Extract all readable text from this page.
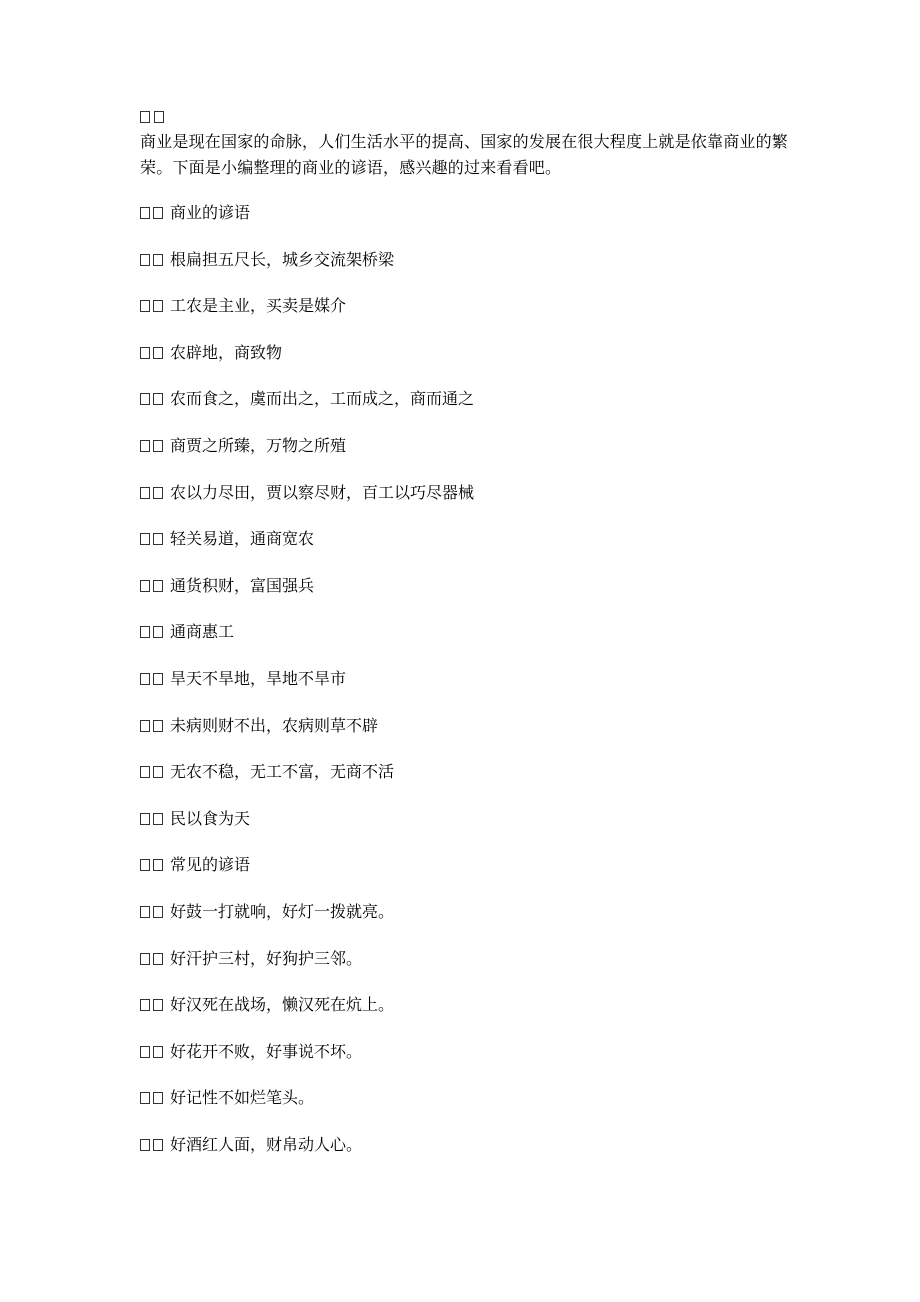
商业是现在国家的命脉，人们生活水平的提高、国家的发展在很大程度上就是依靠商业的繁荣。下面是小编整理的商业的谚语，感兴趣的过来看看吧。

商业的谚语
根扁担五尺长，城乡交流架桥梁
工农是主业，买卖是媒介
农辟地，商致物
农而食之，虞而出之，工而成之，商而通之
商贾之所臻，万物之所殖
农以力尽田，贾以察尽财，百工以巧尽器械
轻关易道，通商宽农
通货积财，富国强兵
通商惠工
旱天不旱地，旱地不旱市
未病则财不出，农病则草不辟
无农不稳，无工不富，无商不活
民以食为天
常见的谚语
好鼓一打就响，好灯一拨就亮。
好汗护三村，好狗护三邻。
好汉死在战场，懒汉死在炕上。
好花开不败，好事说不坏。
好记性不如烂笔头。
好酒红人面，财帛动人心。
